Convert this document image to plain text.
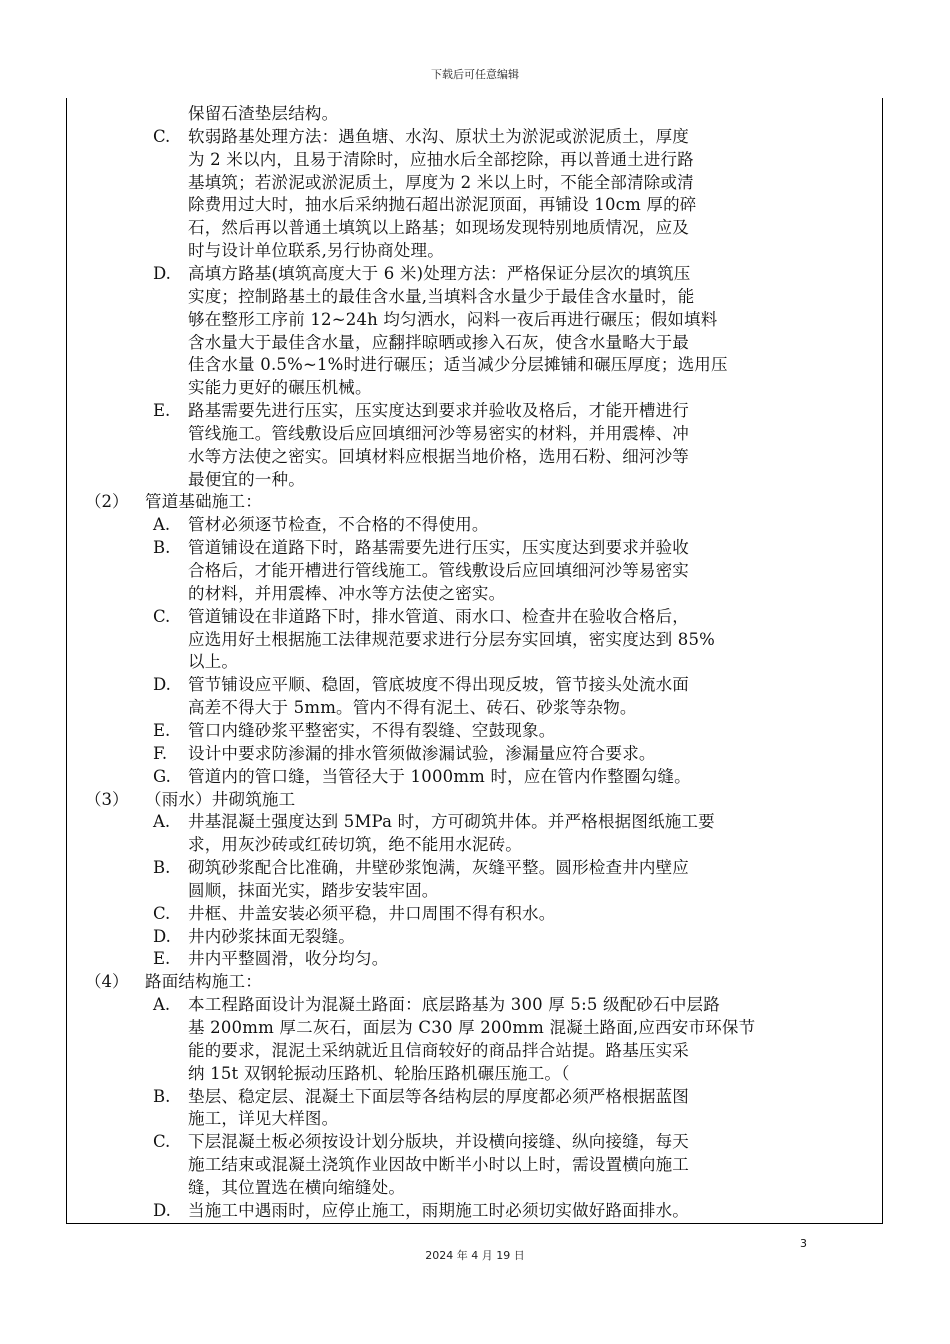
下载后可任意编辑
保留石渣垫层结构。
C. 软弱路基处理方法：遇鱼塘、水沟、原状土为淤泥或淤泥质土，厚度
为 2 米以内，且易于清除时，应抽水后全部挖除，再以普通土进行路
基填筑；若淤泥或淤泥质土，厚度为 2 米以上时，不能全部清除或清
除费用过大时，抽水后采纳抛石超出淤泥顶面，再铺设 10cm 厚的碎
石，然后再以普通土填筑以上路基；如现场发现特别地质情况，应及
时与设计单位联系,另行协商处理。
D. 高填方路基(填筑高度大于 6 米)处理方法：严格保证分层次的填筑压
实度；控制路基土的最佳含水量,当填料含水量少于最佳含水量时，能
够在整形工序前 12~24h 均匀洒水，闷料一夜后再进行碾压；假如填料
含水量大于最佳含水量，应翻拌晾晒或掺入石灰，使含水量略大于最
佳含水量 0.5%~1%时进行碾压；适当减少分层摊铺和碾压厚度；选用压
实能力更好的碾压机械。
E. 路基需要先进行压实，压实度达到要求并验收及格后，才能开槽进行
管线施工。管线敷设后应回填细河沙等易密实的材料，并用震棒、冲
水等方法使之密实。回填材料应根据当地价格，选用石粉、细河沙等
最便宜的一种。
（2） 管道基础施工：
A. 管材必须逐节检查，不合格的不得使用。
B. 管道铺设在道路下时，路基需要先进行压实，压实度达到要求并验收
合格后，才能开槽进行管线施工。管线敷设后应回填细河沙等易密实
的材料，并用震棒、冲水等方法使之密实。
C. 管道铺设在非道路下时，排水管道、雨水口、检查井在验收合格后，
应选用好土根据施工法律规范要求进行分层夯实回填，密实度达到 85%
以上。
D. 管节铺设应平顺、稳固，管底坡度不得出现反坡，管节接头处流水面
高差不得大于 5mm。管内不得有泥土、砖石、砂浆等杂物。
E. 管口内缝砂浆平整密实，不得有裂缝、空鼓现象。
F. 设计中要求防渗漏的排水管须做渗漏试验，渗漏量应符合要求。
G. 管道内的管口缝，当管径大于 1000mm 时，应在管内作整圈勾缝。
（3） （雨水）井砌筑施工
A. 井基混凝土强度达到 5MPa 时，方可砌筑井体。并严格根据图纸施工要
求，用灰沙砖或红砖切筑，绝不能用水泥砖。
B. 砌筑砂浆配合比准确，井壁砂浆饱满，灰缝平整。圆形检查井内壁应
圆顺，抹面光实，踏步安装牢固。
C. 井框、井盖安装必须平稳，井口周围不得有积水。
D. 井内砂浆抹面无裂缝。
E. 井内平整圆滑，收分均匀。
（4） 路面结构施工：
A. 本工程路面设计为混凝土路面：底层路基为 300 厚 5:5 级配砂石中层路
基 200mm 厚二灰石，面层为 C30 厚 200mm 混凝土路面,应西安市环保节
能的要求，混泥土采纳就近且信商较好的商品拌合站提。路基压实采
纳 15t 双钢轮振动压路机、轮胎压路机碾压施工。（
B. 垫层、稳定层、混凝土下面层等各结构层的厚度都必须严格根据蓝图
施工，详见大样图。
C. 下层混凝土板必须按设计划分版块，并设横向接缝、纵向接缝，每天
施工结束或混凝土浇筑作业因故中断半小时以上时，需设置横向施工
缝，其位置选在横向缩缝处。
D. 当施工中遇雨时，应停止施工，雨期施工时必须切实做好路面排水。
3
2024 年 4 月 19 日
